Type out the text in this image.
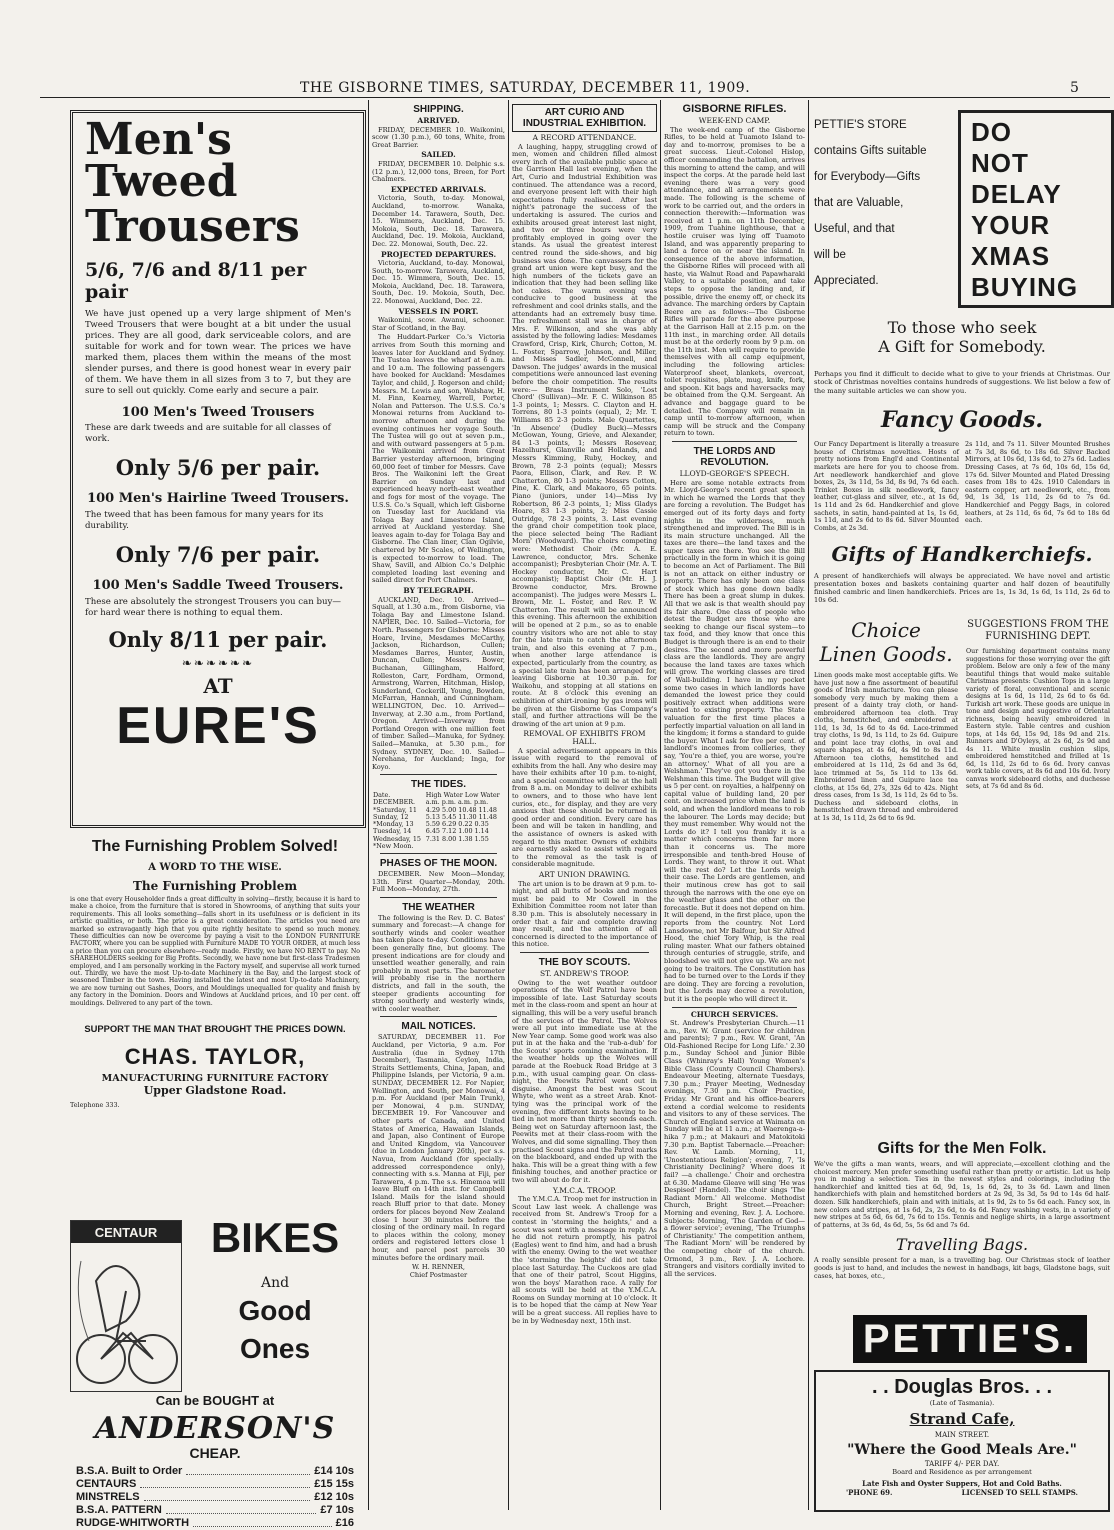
THE GISBORNE TIMES, SATURDAY, DECEMBER 11, 1909.	5
Men's
Tweed
Trousers
5/6, 7/6 and 8/11 per pair
We have just opened up a very large shipment of Men's Tweed Trousers that were bought at a bit under the usual prices. They are all good, dark serviceable colors, and are suitable for work and for town wear. The prices we have marked them, places them within the means of the most slender purses, and there is good honest wear in every pair of them. We have them in all sizes from 3 to 7, but they are sure to sell out quickly. Come early and secure a pair.
100 Men's Tweed Trousers
These are dark tweeds and are suitable for all classes of work.
Only 5/6 per pair.
100 Men's Hairline Tweed Trousers.
The tweed that has been famous for many years for its durability.
Only 7/6 per pair.
100 Men's Saddle Tweed Trousers.
These are absolutely the strongest Trousers you can buy—for hard wear there is nothing to equal them.
Only 8/11 per pair.
❧❧❧❧❧❧
AT
EURE'S
The Furnishing Problem Solved!
A WORD TO THE WISE.
The Furnishing Problem
is one that every Householder finds a great difficulty in solving—firstly, because it is hard to make a choice, from the furniture that is stored in Showrooms, of anything that suits your requirements. This all looks something—falls short in its usefulness or is deficient in its artistic qualities, or both. The price is a great consideration. The articles you need are marked so extravagantly high that you quite rightly hesitate to spend so much money. These difficulties can now be overcome by paying a visit to the LONDON FURNITURE FACTORY, where you can be supplied with Furniture MADE TO YOUR ORDER, at much less a price than you can procure elsewhere—ready made. Firstly, we have NO RENT to pay. No SHAREHOLDERS seeking for Big Profits. Secondly, we have none but first-class Tradesmen employed, and I am personally working in the Factory myself, and supervise all work turned out. Thirdly, we have the most Up-to-date Machinery in the Bay, and the largest stock of seasoned Timber in the town. Having installed the latest and most Up-to-date Machinery, we are now turning out Sashes, Doors, and Mouldings unequalled for quality and finish by any factory in the Dominion. Doors and Windows at Auckland prices, and 10 per cent. off mouldings. Delivered to any part of the town.
SUPPORT THE MAN THAT BROUGHT THE PRICES DOWN.
CHAS. TAYLOR,
MANUFACTURING FURNITURE FACTORY
Upper Gladstone Road.
Telephone 333.
CENTAUR	BIKES
And
Good
Ones
Can be BOUGHT at
ANDERSON'S
CHEAP.
B.S.A. Built to Order	£14 10s
CENTAURS	£15 15s
MINSTRELS	£12 10s
B.S.A. PATTERN	£7 10s
RUDGE-WHITWORTH	£16
SHIPPING.
ARRIVED.

FRIDAY, DECEMBER 10. Waikonini, scow (1.30 p.m.), 60 tons, White, from Great Barrier.

SAILED.

FRIDAY, DECEMBER 10. Delphic s.s. (12 p.m.), 12,000 tons, Breen, for Port Chalmers.

EXPECTED ARRIVALS.

Victoria, South, to-day. Monowai, Auckland, to-morrow. Wanaka, December 14. Tarawera, South, Dec. 15. Wimmera, Auckland, Dec. 15. Mokoia, South, Dec. 18. Tarawera, Auckland, Dec. 19. Mokoia, Auckland, Dec. 22. Monowai, South, Dec. 22.

PROJECTED DEPARTURES.

Victoria, Auckland, to-day. Monowai, South, to-morrow. Tarawera, Auckland, Dec. 15. Wimmera, South, Dec. 15. Mokoia, Auckland, Dec. 18. Tarawera, South, Dec. 19. Mokoia, South, Dec. 22. Monowai, Auckland, Dec. 22.

VESSELS IN PORT.

Waikonini, scow. Awanui, schooner. Star of Scotland, in the Bay.

The Huddart-Parker Co.'s Victoria arrives from South this morning and leaves later for Auckland and Sydney. The Tustea leaves the wharf at 6 a.m. and 10 a.m. The following passengers have booked for Auckland: Mesdames Taylor, and child, J. Rogerson and child; Messrs. M. Lewis and son, Walshaw, H. M. Finn, Kearney, Warrell, Porter, Nolan and Patterson. The U.S.S. Co.'s Monowai returns from Auckland to-morrow afternoon and during the evening continues her voyage South. The Tustea will go out at seven p.m., and with outward passengers at 5 p.m. The Waikonini arrived from Great Barrier yesterday afternoon, bringing 60,000 feet of timber for Messrs. Cave Bros. The Waikonini left the Great Barrier on Sunday last and experienced heavy north-east weather and fogs for most of the voyage. The U.S.S. Co.'s Squall, which left Gisborne on Tuesday last for Auckland via Tolaga Bay and Limestone Island, arrived at Auckland yesterday. She leaves again to-day for Tolaga Bay and Gisborne. The Clan liner, Clan Ogilvie, chartered by Mr Scales, of Wellington, is expected to-morrow to load. The Shaw, Savill, and Albion Co.'s Delphic completed loading last evening and sailed direct for Port Chalmers.

BY TELEGRAPH.

AUCKLAND, Dec. 10. Arrived—Squall, at 1.30 a.m., from Gisborne, via Tolaga Bay and Limestone Island. NAPIER, Dec. 10. Sailed—Victoria, for North. Passengers for Gisborne: Misses Hoare, Irvine, Mesdames McCarthy, Jackson, Richardson, Cullen; Mesdames Barres, Hunter, Austin, Duncan, Cullen; Messrs. Bower, Buchanan, Gillingham, Halford, Rolleston, Carr, Fordham, Ormond, Armstrong, Warren, Hitchman, Hislop, Sunderland, Cockerill, Young, Bowden, McFarran, Hannah, and Cunningham. WELLINGTON, Dec. 10. Arrived—Inverway, at 2.30 a.m., from Portland, Oregon. Arrived—Inverway from Portland Oregon with one million feet of timber. Sailed—Manuka, for Sydney. Sailed—Manuka, at 5.30 p.m., for Sydney. SYDNEY, Dec. 10. Sailed—Nerehana, for Auckland; Inga, for Koyo.

THE TIDES.
Date.	High Water Low Water
DECEMBER.	a.m. p.m. a.m. p.m.
*Saturday, 11	4.29 5.00 10.48 11.48
Sunday, 12	5.13 5.45 11.30 11.48
*Monday, 13	5.59 6.29 0.22 0.35
Tuesday, 14	6.45 7.12 1.00 1.14
Wednesday, 15	7.31 8.00 1.38 1.55
*New Moon.	
PHASES OF THE MOON.

DECEMBER. New Moon—Monday, 13th. First Quarter—Monday, 20th. Full Moon—Monday, 27th.

THE WEATHER

The following is the Rev. D. C. Bates' summary and forecast:—A change for southerly winds and cooler weather has taken place to-day. Conditions have been generally fine, but gloomy. The present indications are for cloudy and unsettled weather generally, and rain probably in most parts. The barometer will probably rise in the northern districts, and fall in the south, the steeper gradients accounting for strong southerly and westerly winds, with cooler weather.

MAIL NOTICES.

SATURDAY, DECEMBER 11. For Auckland, per Victoria, 9 a.m. For Australia (due in Sydney 17th December), Tasmania, Ceylon, India, Straits Settlements, China, Japan, and Philippine Islands, per Victoria, 9 a.m. SUNDAY, DECEMBER 12. For Napier, Wellington, and South, per Monowai, 4 p.m. For Auckland (per Main Trunk), per Monowai, 4 p.m. SUNDAY, DECEMBER 19. For Vancouver and other parts of Canada, and United States of America, Hawaiian Islands, and Japan, also Continent of Europe and United Kingdom, via Vancouver (due in London January 26th), per s.s. Navua, from Auckland (for specially-addressed correspondence only), connecting with s.s. Manna at Fiji, per Tarawera, 4 p.m. The s.s. Hinemoa will leave Bluff on 14th inst. for Campbell Island. Mails for the island should reach Bluff prior to that date. Money orders for places beyond New Zealand close 1 hour 30 minutes before the closing of the ordinary mail. In regard to places within the colony, money orders and registered letters close 1 hour, and parcel post parcels 30 minutes before the ordinary mail.

W. H. RENNER,
Chief Postmaster
ART CURIO AND INDUSTRIAL EXHIBITION.
A RECORD ATTENDANCE.

A laughing, happy, struggling crowd of men, women and children filled almost every inch of the available public space at the Garrison Hall last evening, when the Art, Curio and Industrial Exhibition was continued. The attendance was a record, and everyone present left with their high expectations fully realised. After last night's patronage the success of the undertaking is assured. The curios and exhibits aroused great interest last night, and two or three hours were very profitably employed in going over the stands. As usual the greatest interest centred round the side-shows, and big business was done. The canvassers for the grand art union were kept busy, and the high numbers of the tickets gave an indication that they had been selling like hot cakes. The warm evening was conducive to good business at the refreshment and cool drinks stalls, and the attendants had an extremely busy time. The refreshment stall was in charge of Mrs. F. Wilkinson, and she was ably assisted by the following ladies: Mesdames Crawford, Crisp, Kirk, Church; Cotton, M. L. Foster, Sparrow, Johnson, and Miller, and Misses Sadler, McConnell, and Dawson. The judges' awards in the musical competitions were announced last evening before the choir competition. The results were:— Brass Instrument Solo, 'Lost Chord' (Sullivan)—Mr. F. C. Wilkinson 85 1-3 points, 1; Messrs. C. Clayton and H. Torrens, 80 1-3 points (equal), 2; Mr. T. Williams 85 2-3 points. Male Quartettes, 'In Absence' (Dudley Buck)—Messrs McGowan, Young, Grieve, and Alexander, 84 1-3 points, 1; Messrs Rosevear, Hazelhurst, Glanville and Hollands, and Messrs Kimming, Ruby, Hockey, and Brown, 78 2-3 points (equal); Messrs Paora, Ellison, Clark, and Rev. P. W. Chatterton, 80 1-3 points; Messrs Cotton, Pine, K. Clark, and Makaoro, 65 points. Piano (juniors, under 14)—Miss Ivy Robertson, 86 2-3 points, 1; Miss Gladys Hoare, 83 1-3 points, 2; Miss Cassie Outridge, 78 2-3 points, 3. Last evening the grand choir competition took place, the piece selected being 'The Radiant Morn' (Woodward). The choirs competing were: Methodist Choir (Mr. A. E. Lawrence, conductor, Mrs. Schenke accompanist); Presbyterian Choir (Mr. A. T. Hockey conductor, Mr. C. Hart accompanist); Baptist Choir (Mr. H. J. Browne conductor, Mrs. Browne accompanist). The judges were Messrs L. Brown, Mr. L. Foster, and Rev. P. W. Chatterton. The result will be announced this evening. This afternoon the exhibition will be opened at 2 p.m., so as to enable country visitors who are not able to stay for the late train to catch the afternoon train, and also this evening at 7 p.m., when another large attendance is expected, particularly from the country, as a special late train has been arranged for, leaving Gisborne at 10.30 p.m. for Waikohu, and stopping at all stations en route. At 8 o'clock this evening an exhibition of shirt-ironing by gas irons will be given at the Gisborne Gas Company's stall, and further attractions will be the drawing of the art union at 9 p.m.

REMOVAL OF EXHIBITS FROM HALL.

A special advertisement appears in this issue with regard to the removal of exhibits from the hall. Any who desire may have their exhibits after 10 p.m. to-night, and a special committee will be at the hall from 8 a.m. on Monday to deliver exhibits to owners, and to those who have lent curios, etc., for display, and they are very anxious that these should be returned in good order and condition. Every care has been and will be taken in handling, and the assistance of owners is asked with regard to this matter. Owners of exhibits are earnestly asked to assist with regard to the removal as the task is of considerable magnitude.

ART UNION DRAWING.

The art union is to be drawn at 9 p.m. to-night, and all butts of books and monies must be paid to Mr Cowell in the Exhibition Committee room not later than 8.30 p.m. This is absolutely necessary in order that a fair and complete drawing may result, and the attention of all concerned is directed to the importance of this notice.

THE BOY SCOUTS.
ST. ANDREW'S TROOP.

Owing to the wet weather outdoor operations of the Wolf Patrol have been impossible of late. Last Saturday scouts met in the class-room and spent an hour at signalling, this will be a very useful branch of the services of the Patrol. The Wolves were all put into immediate use at the New Year camp. Some good work was also put in at the haka and the 'rub-a-dub' for the Scouts' sports coming examination. If the weather holds up the Wolves will parade at the Roebuck Road Bridge at 3 p.m., with usual camping gear. On class-night, the Peewits Patrol went out in disguise. Amongst the best was Scout Whyte, who went as a street Arab. Knot-tying was the principal work of the evening, five different knots having to be tied in not more than thirty seconds each. Being wet on Saturday afternoon last, the Peewits met at their class-room with the Wolves, and did some signalling. They then practised Scout signs and the Patrol marks on the blackboard, and ended up with the haka. This will be a great thing with a few finishing touches, and another practice or two will about do for it.

Y.M.C.A. TROOP.

The Y.M.C.A. Troop met for instruction in Scout Law last week. A challenge was received from St. Andrew's Troop for a contest in 'storming the heights,' and a scout was sent with a message in reply. As he did not return promptly, his patrol (Eagles) went to find him, and had a brush with the enemy. Owing to the wet weather the 'storming the heights' did not take place last Saturday. The Cuckoos are glad that one of their patrol, Scout Higgins, won the boys' Marathon race. A rally for all scouts will be held at the Y.M.C.A. Rooms on Sunday morning at 10 o'clock. It is to be hoped that the camp at New Year will be a great success. All replies have to be in by Wednesday next, 15th inst.

GISBORNE RIFLES.
WEEK-END CAMP.

The week-end camp of the Gisborne Rifles, to be held at Tuamoto Island to-day and to-morrow, promises to be a great success. Lieut.-Colonel Hislop, officer commanding the battalion, arrives this morning to attend the camp, and will inspect the corps. At the parade held last evening there was a very good attendance, and all arrangements were made. The following is the scheme of work to be carried out, and the orders in connection therewith:—Information was received at 1 p.m. on 11th December, 1909, from Tuahine lighthouse, that a hostile cruiser was lying off Tuamoto Island, and was apparently preparing to land a force on or near the island. In consequence of the above information, the Gisborne Rifles will proceed with all haste, via Walnut Road and Papawharaki Valley, to a suitable position, and take steps to oppose the landing and, if possible, drive the enemy off, or check its advance. The marching orders by Captain Beere are as follows:—The Gisborne Rifles will parade for the above purpose at the Garrison Hall at 2.15 p.m. on the 11th inst., in marching order. All details must be at the orderly room by 9 p.m. on the 11th inst. Men will require to provide themselves with all camp equipment, including the following articles: Waterproof sheet, blankets, overcoat, toilet requisites, plate, mug, knife, fork, and spoon. Kit bags and haversacks may be obtained from the Q.M. Sergeant. An advance and baggage guard to be detailed. The Company will remain in camp until to-morrow afternoon, when camp will be struck and the Company return to town.

THE LORDS AND REVOLUTION.
LLOYD-GEORGE'S SPEECH.

Here are some notable extracts from Mr. Lloyd-George's recent great speech in which he warned the Lords that they are forcing a revolution. The Budget has emerged out of its forty days and forty nights in the wilderness, much strengthened and improved. The Bill is in its main structure unchanged. All the taxes are there—the land taxes and the super taxes are there. You see the Bill practically in the form in which it is going to become an Act of Parliament. The Bill is not an attack on either industry or property. There has only been one class of stock which has gone down badly. There has been a great slump in dukes. All that we ask is that wealth should pay its fair share. One class of people who detest the Budget are those who are seeking to change our fiscal system—to tax food, and they know that once this Budget is through there is an end to their desires. The second and more powerful class are the landlords. They are angry because the land taxes are taxes which will grow. The working classes are tired of Wall-building. I have in my pocket some two cases in which landlords have demanded the lowest price they could positively extract when additions were wanted to existing property. The State valuation for the first time places a perfectly impartial valuation on all land in the kingdom; it forms a standard to guide the buyer. What I ask for five per cent. of landlord's incomes from collieries, they say, 'You're a thief, you are worse, you're an attorney.' What of all you are a Welshman.' They've got you there in the Welshman this time. The Budget will give us 5 per cent. on royalties, a halfpenny on capital value of building land, 20 per cent. on increased price when the land is sold, and when the landlord means to rob the labourer. The Lords may decide; but they must remember. Why would not the Lords do it? I tell you frankly it is a matter which concerns them far more than it concerns us. The more irresponsible and tenth-bred House of Lords. They want, to throw it out. What will the rest do? Let the Lords weigh their case. The Lords are gentlemen, and their mutinous crew has got to sail through the narrows with the one eye on the weather glass and the other on the forecastle. But it does not depend on him. It will depend, in the first place, upon the reports from the country. Not Lord Lansdowne, not Mr Balfour, but Sir Alfred Hood, the chief Tory Whip, is the real ruling master. What our fathers obtained through centuries of struggle, strife, and bloodshed we will not give up. We are not going to be traitors. The Constitution has had to be turned over to the Lords if they are doing. They are forcing a revolution, but the Lords may decree a revolution, but it is the people who will direct it.

CHURCH SERVICES.

St. Andrew's Presbyterian Church.—11 a.m., Rev. W. Grant (service for children and parents); 7 p.m., Rev. W. Grant, 'An Old-Fashioned Recipe for Long Life.' 2.30 p.m., Sunday School and Junior Bible Class (Whinray's Hall) Young Women's Bible Class (County Council Chambers). Endeavour Meeting, alternate Tuesdays, 7.30 p.m.; Prayer Meeting, Wednesday evenings, 7.30 p.m. Choir Practice, Friday. Mr Grant and his office-bearers extend a cordial welcome to residents and visitors to any of these services. The Church of England service at Waimata on Sunday will be at 11 a.m.; at Waerenga-a-hika 7 p.m.; at Makauri and Matokitoki 7.30 p.m. Baptist Tabernacle.—Preacher: Rev. W. Lamb. Morning, 11, 'Unostentatious Religion'; evening, 7, 'Is Christianity Declining? Where does it fail? —a challenge.' Choir and orchestra at 6.30. Madame Gleave will sing 'He was Despised' (Handel). The choir sings 'The Radiant Morn.' All welcome. Methodist Church, Bright Street.—Preacher: Morning and evening, Rev. J. A. Lochore. Subjects: Morning, 'The Garden of God—a flower service'; evening, 'The Triumphs of Christianity.' The competition anthem, 'The Radiant Morn' will be rendered by the competing choir of the church. Ormond, 3 p.m., Rev. J. A. Lochore. Strangers and visitors cordially invited to all the services.

PETTIE'S STORE
contains Gifts suitable
for Everybody—Gifts
that are Valuable,
Useful, and that
will be
Appreciated.
DO
NOT
DELAY
YOUR
XMAS
BUYING
To those who seek
A Gift for Somebody.
Perhaps you find it difficult to decide what to give to your friends at Christmas. Our stock of Christmas novelties contains hundreds of suggestions. We list below a few of the many suitable articles we can show you.
Fancy Goods.
Our Fancy Department is literally a treasure house of Christmas novelties. Hosts of pretty notions from Engl'd and Continental markets are here for you to choose from. Art needlework handkerchief and glove boxes, 2s, 3s 11d, 5s 3d, 8s 9d, 7s 6d each. Trinket Boxes in silk needlework, fancy leather, cut-glass and silver, etc., at 1s 6d, 1s 11d and 2s 6d. Handkerchief and glove sachets, in satin, hand-painted at 1s, 1s 6d, 1s 11d, and 2s 6d to 8s 6d. Silver Mounted Combs, at 2s 3d.
2s 11d, and 7s 11. Silver Mounted Brushes at 7s 3d, 8s 6d, to 18s 6d. Silver Backed Mirrors, at 10s 6d, 13s 6d, to 27s 6d. Ladies Dressing Cases, at 7s 6d, 10s 6d, 15s 6d, 17s 6d. Silver Mounted and Plated Dressing cases from 18s to 42s. 1910 Calendars in eastern copper, art needlework, etc., from 9d, 1s 3d, 1s 11d, 2s 6d to 7s 6d. Handkerchief and Peggy Bags, in colored leathers, at 2s 11d, 6s 6d, 7s 6d to 18s 6d each.
Gifts of Handkerchiefs.
A present of handkerchiefs will always be appreciated. We have novel and artistic presentation boxes and baskets containing quarter and half dozen of beautifully finished cambric and linen handkerchiefs. Prices are 1s, 1s 3d, 1s 6d, 1s 11d, 2s 6d to 10s 6d.
Choice
Linen Goods.
Linen goods make most acceptable gifts. We have just now a fine assortment of beautiful goods of Irish manufacture. You can please somebody very much by making them a present of a dainty tray cloth, or hand-embroidered afternoon tea cloth. Tray cloths, hemstitched, and embroidered at 11d, 1s 3d, 1s 6d to 4s 6d. Lace-trimmed tray cloths, 1s 9d, 1s 11d, to 2s 6d. Guipure and point lace tray cloths, in oval and square shapes, at 4s 6d, 4s 9d to 8s 11d. Afternoon tea cloths, hemstitched and embroidered at 1s 11d, 2s 6d and 3s 6d, lace trimmed at 5s, 5s 11d to 13s 6d. Embroidered linen and Guipure lace tea cloths, at 15s 6d, 27s, 32s 6d to 42s. Night dress cases, from 1s 3d, 1s 11d, 2s 6d to 5s. Duchess and sideboard cloths, in hemstitched drawn thread and embroidered at 1s 3d, 1s 11d, 2s 6d to 6s 9d.
SUGGESTIONS FROM THE
FURNISHING DEPT.
Our furnishing department contains many suggestions for those worrying over the gift problem. Below are only a few of the many beautiful things that would make suitable Christmas presents: Cushion Tops in a large variety of floral, conventional and scenic designs at 1s 6d, 1s 11d, 2s 6d to 6s 6d. Turkish art work. These goods are unique in tone and design and suggestive of Oriental richness, being heavily embroidered in Eastern style. Table centres and cushion tops, at 14s 6d, 15s 9d, 18s 9d and 21s. Runners and D'Oyleys, at 2s 6d, 2s 9d and 4s 11. White muslin cushion slips, embroidered hemstitched and frilled at 1s 6d, 1s 11d, 2s 6d to 6s 6d. Ivory canvas work table covers, at 8s 6d and 10s 6d. Ivory canvas work sideboard cloths, and duchesse sets, at 7s 6d and 8s 6d.
Gifts for the Men Folk.
We've the gifts a man wants, wears, and will appreciate,—excellent clothing and the choicest mercery. Men prefer something useful rather than pretty or artistic. Let us help you in making a selection. Ties in the newest styles and colorings, including the handkerchief and knitted ties at 6d, 9d, 1s, 1s 6d, 2s, to 3s 6d. Lawn and linen handkerchiefs with plain and hemstitched borders at 2s 9d, 3s 3d, 5s 9d to 14s 6d half-dozen. Silk handkerchiefs, plain and with initials, at 1s 9d, 2s to 5s 6d each. Fancy sox, in new colors and stripes, at 1s 6d, 2s, 2s 6d, to 4s 6d. Fancy washing vests, in a variety of new stripes at 5s 6d, 6s 6d, 7s 6d to 15s. Tennis and neglige shirts, in a large assortment of patterns, at 3s 6d, 4s 6d, 5s, 5s 6d and 7s 6d.
Travelling Bags.
A really sensible present for a man, is a travelling bag. Our Christmas stock of leather goods is just to hand, and includes the newest in handbags, kit bags, Gladstone bags, suit cases, hat boxes, etc.,
PETTIE'S.
. . Douglas Bros. . .
(Late of Tasmania).
Strand Cafe,
MAIN STREET.
"Where the Good Meals Are."
TARIFF 4/- PER DAY.
Board and Residence as per arrangement
Late Fish and Oyster Suppers, Hot and Cold Baths.
'PHONE 69.	LICENSED TO SELL STAMPS.
